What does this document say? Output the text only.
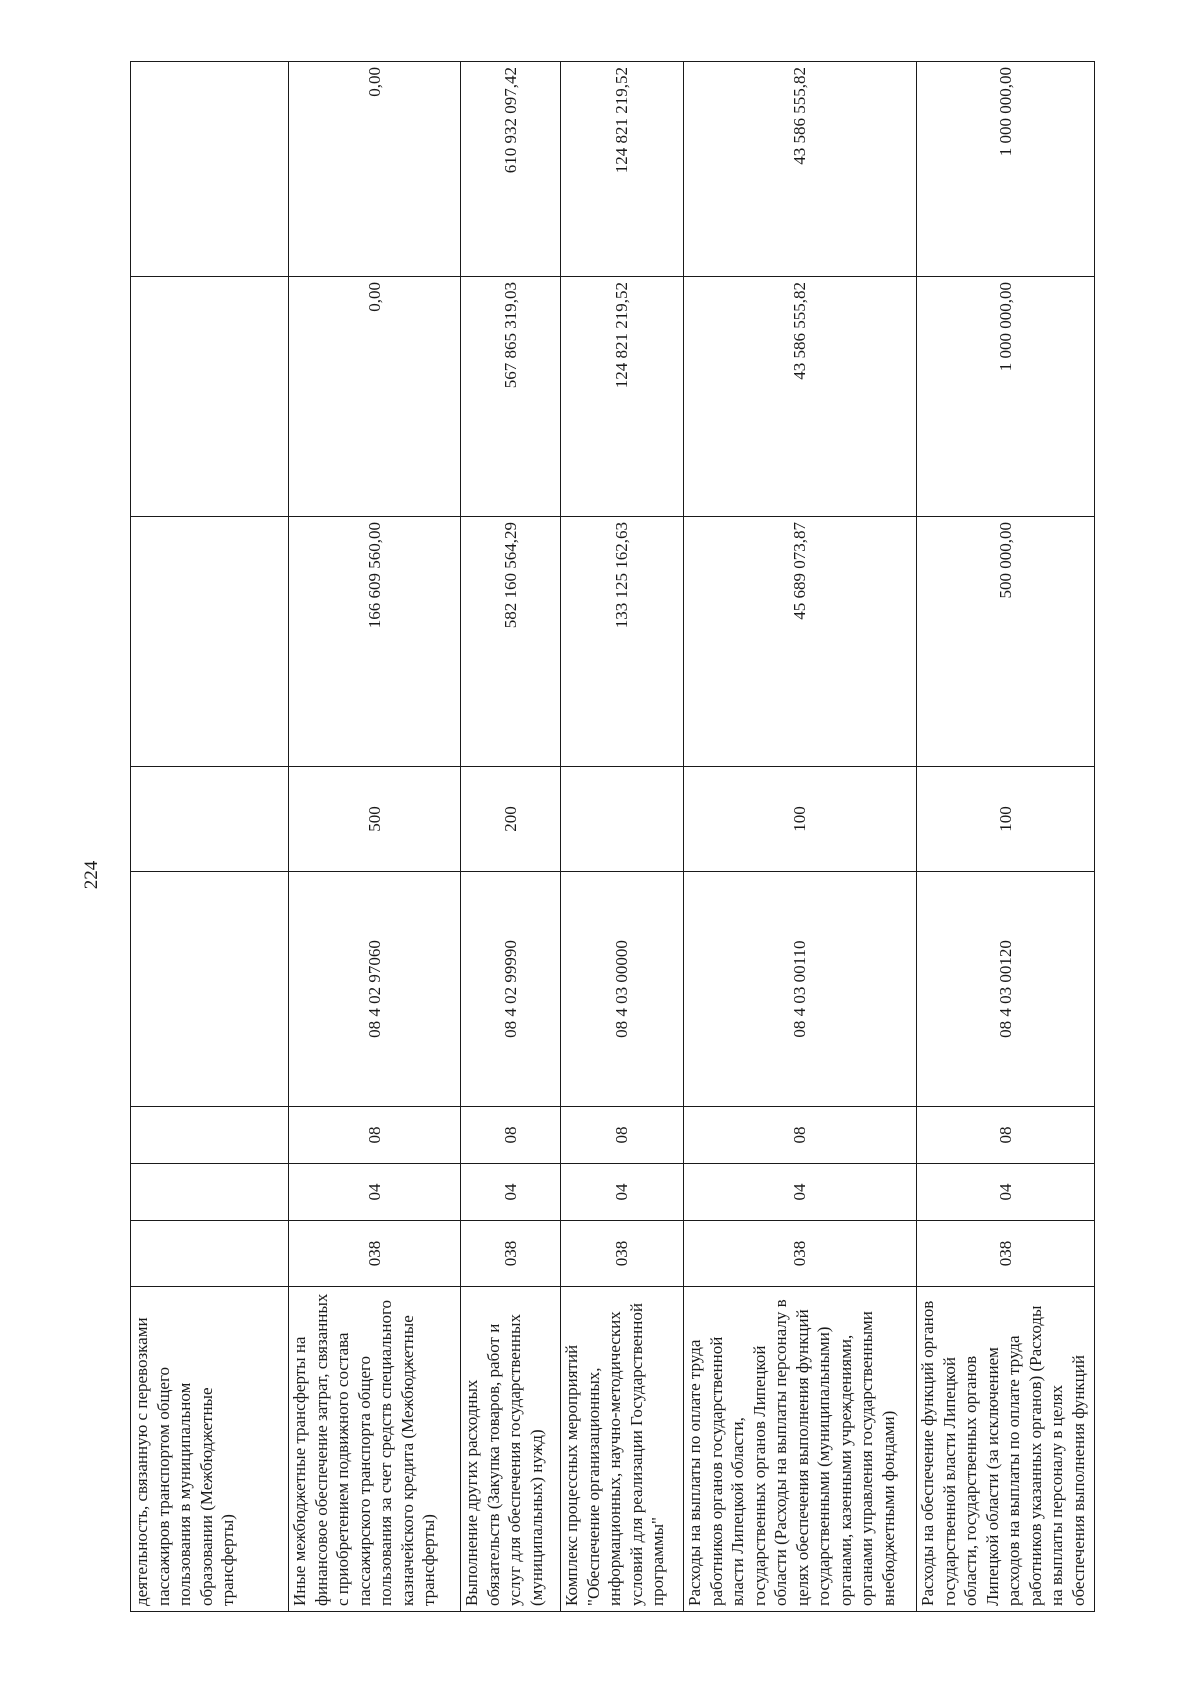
224
деятельность, связанную с перевозками пассажиров транспортом общего пользования в муниципальном образовании (Межбюджетные трансферты)								
Иные межбюджетные трансферты на финансовое обеспечение затрат, связанных с приобретением подвижного состава пассажирского транспорта общего пользования за счет средств специального казначейского кредита (Межбюджетные трансферты)	038	04	08	08 4 02 97060	500	166 609 560,00	0,00	0,00
Выполнение других расходных обязательств (Закупка товаров, работ и услуг для обеспечения государственных (муниципальных) нужд)	038	04	08	08 4 02 99990	200	582 160 564,29	567 865 319,03	610 932 097,42
Комплекс процессных мероприятий "Обеспечение организационных, информационных, научно-методических условий для реализации Государственной программы"	038	04	08	08 4 03 00000		133 125 162,63	124 821 219,52	124 821 219,52
Расходы на выплаты по оплате труда работников органов государственной власти Липецкой области, государственных органов Липецкой области (Расходы на выплаты персоналу в целях обеспечения выполнения функций государственными (муниципальными) органами, казенными учреждениями, органами управления государственными внебюджетными фондами)	038	04	08	08 4 03 00110	100	45 689 073,87	43 586 555,82	43 586 555,82
Расходы на обеспечение функций органов государственной власти Липецкой области, государственных органов Липецкой области (за исключением расходов на выплаты по оплате труда работников указанных органов) (Расходы на выплаты персоналу в целях обеспечения выполнения функций	038	04	08	08 4 03 00120	100	500 000,00	1 000 000,00	1 000 000,00
